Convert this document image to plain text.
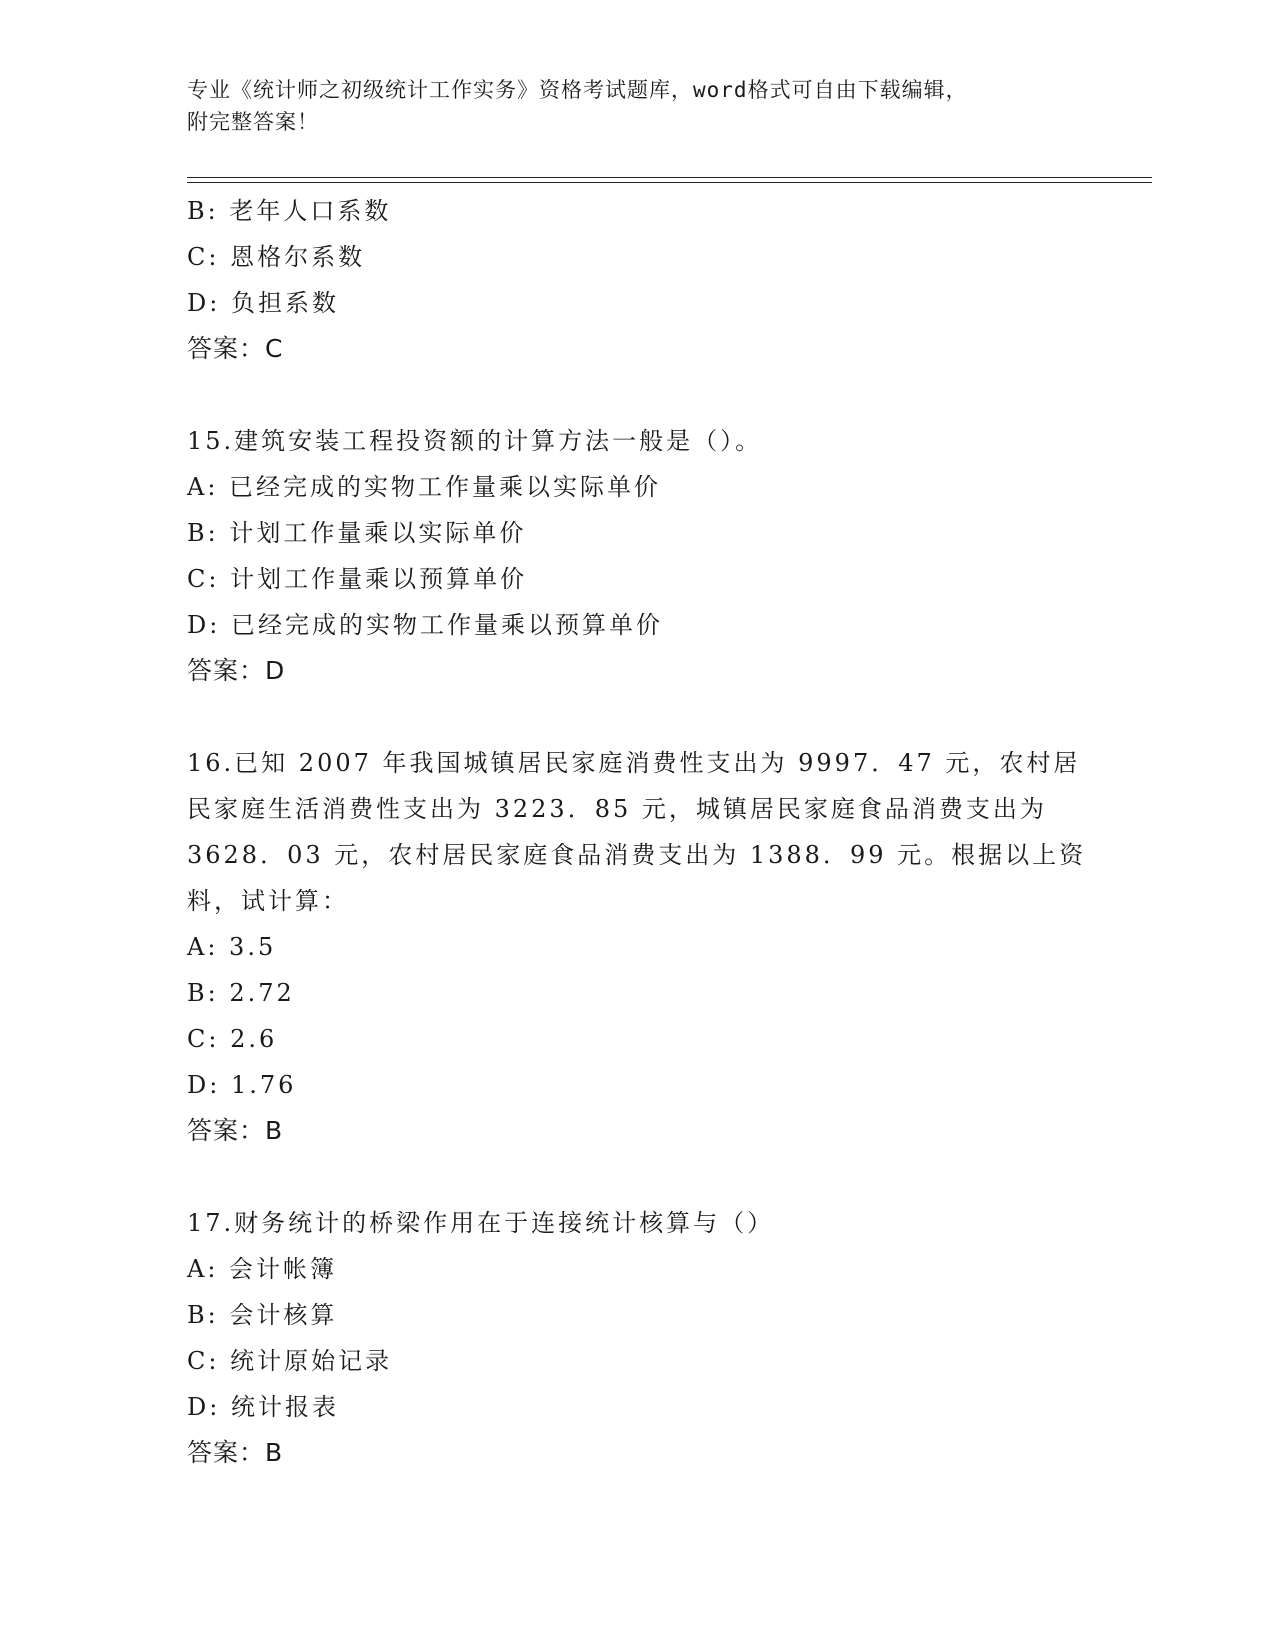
专业《统计师之初级统计工作实务》资格考试题库，word格式可自由下载编辑，
附完整答案！
B: 老年人口系数
C: 恩格尔系数
D: 负担系数
答案：C
15.建筑安装工程投资额的计算方法一般是（）。
A: 已经完成的实物工作量乘以实际单价
B: 计划工作量乘以实际单价
C: 计划工作量乘以预算单价
D: 已经完成的实物工作量乘以预算单价
答案：D
16.已知 2007 年我国城镇居民家庭消费性支出为 9997．47 元，农村居
民家庭生活消费性支出为 3223．85 元，城镇居民家庭食品消费支出为
3628．03 元，农村居民家庭食品消费支出为 1388．99 元。根据以上资
料，试计算：
A: 3.5
B: 2.72
C: 2.6
D: 1.76
答案：B
17.财务统计的桥梁作用在于连接统计核算与（）
A: 会计帐簿
B: 会计核算
C: 统计原始记录
D: 统计报表
答案：B
